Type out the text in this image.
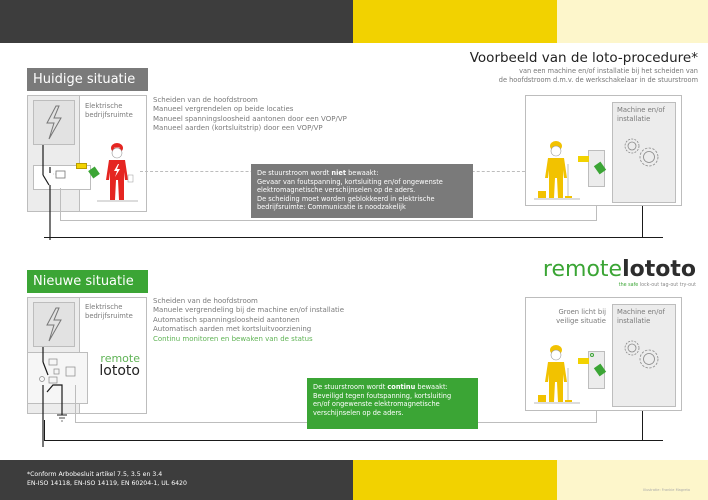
Voorbeeld van de loto-procedure*
van een machine en/of installatie bij het scheiden van
de hoofdstroom d.m.v. de werkschakelaar in de stuurstroom
Huidige situatie
Elektrische
bedrijfsruimte
Scheiden van de hoofdstroom
Manueel vergrendelen op beide locaties
Manueel spanningsloosheid aantonen door een VOP/VP
Manueel aarden (kortsluitstrip) door een VOP/VP
De stuurstroom wordt niet bewaakt:
Gevaar van foutspanning, kortsluiting en/of ongewenste
elektromagnetische verschijnselen op de aders.
De scheiding moet worden geblokkeerd in elektrische
bedrijfsruimte: Communicatie is noodzakelijk
Machine en/of
installatie
Nieuwe situatie
Elektrische
bedrijfsruimte
remote
lototo
Scheiden van de hoofdstroom
Manuele vergrendeling bij de machine en/of installatie
Automatisch spanningsloosheid aantonen
Automatisch aarden met kortsluitvoorziening
Continu monitoren en bewaken van de status
De stuurstroom wordt continu bewaakt:
Beveiligd tegen foutspanning, kortsluiting
en/of ongewenste elektromagnetische
verschijnselen op de aders.
remotelototo
the safe lock-out tag-out try-out
Machine en/of
installatie
Groen licht bij
veilige situatie
*Conform Arbobesluit artikel 7.5, 3.5 en 3.4
EN-ISO 14118, EN-ISO 14119, EN 60204-1, UL 6420
Illustratie: Frankie Magreta
